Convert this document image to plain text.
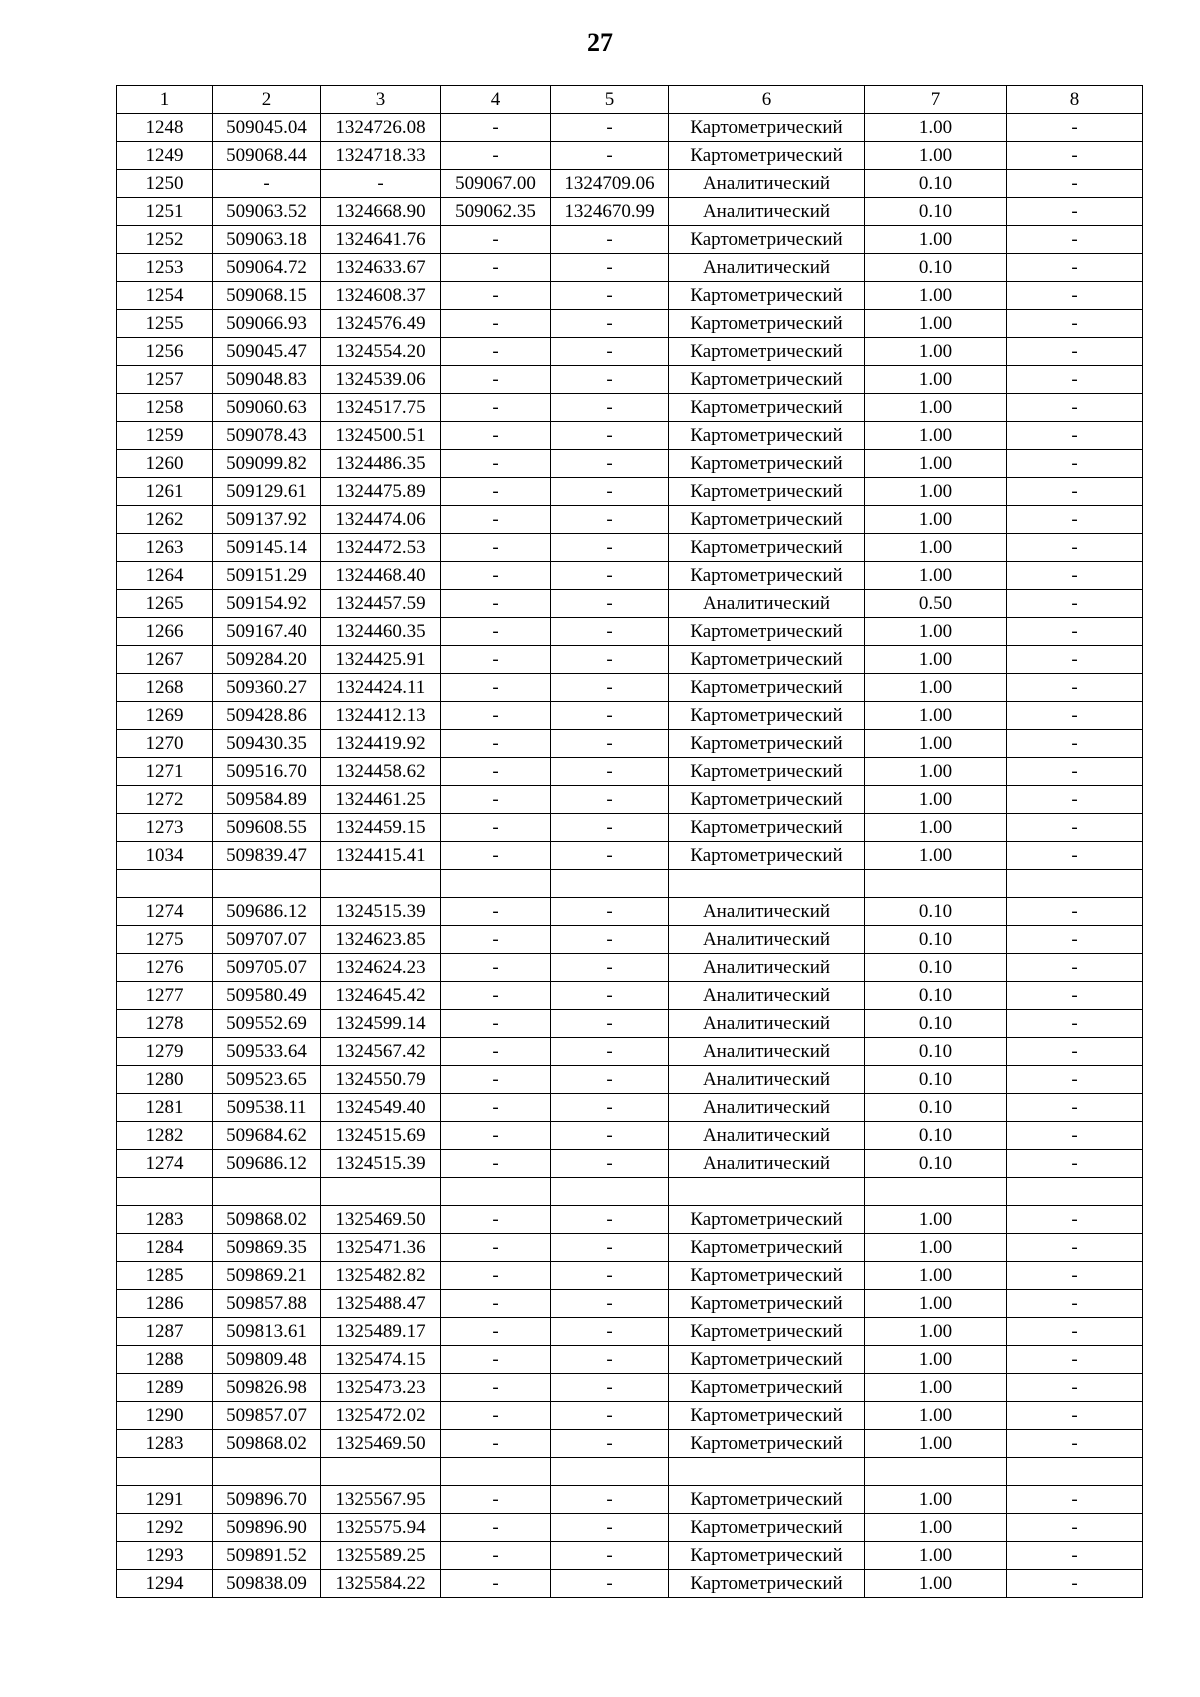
27
1	2	3	4	5	6	7	8
1248	509045.04	1324726.08	-	-	Картометрический	1.00	-
1249	509068.44	1324718.33	-	-	Картометрический	1.00	-
1250	-	-	509067.00	1324709.06	Аналитический	0.10	-
1251	509063.52	1324668.90	509062.35	1324670.99	Аналитический	0.10	-
1252	509063.18	1324641.76	-	-	Картометрический	1.00	-
1253	509064.72	1324633.67	-	-	Аналитический	0.10	-
1254	509068.15	1324608.37	-	-	Картометрический	1.00	-
1255	509066.93	1324576.49	-	-	Картометрический	1.00	-
1256	509045.47	1324554.20	-	-	Картометрический	1.00	-
1257	509048.83	1324539.06	-	-	Картометрический	1.00	-
1258	509060.63	1324517.75	-	-	Картометрический	1.00	-
1259	509078.43	1324500.51	-	-	Картометрический	1.00	-
1260	509099.82	1324486.35	-	-	Картометрический	1.00	-
1261	509129.61	1324475.89	-	-	Картометрический	1.00	-
1262	509137.92	1324474.06	-	-	Картометрический	1.00	-
1263	509145.14	1324472.53	-	-	Картометрический	1.00	-
1264	509151.29	1324468.40	-	-	Картометрический	1.00	-
1265	509154.92	1324457.59	-	-	Аналитический	0.50	-
1266	509167.40	1324460.35	-	-	Картометрический	1.00	-
1267	509284.20	1324425.91	-	-	Картометрический	1.00	-
1268	509360.27	1324424.11	-	-	Картометрический	1.00	-
1269	509428.86	1324412.13	-	-	Картометрический	1.00	-
1270	509430.35	1324419.92	-	-	Картометрический	1.00	-
1271	509516.70	1324458.62	-	-	Картометрический	1.00	-
1272	509584.89	1324461.25	-	-	Картометрический	1.00	-
1273	509608.55	1324459.15	-	-	Картометрический	1.00	-
1034	509839.47	1324415.41	-	-	Картометрический	1.00	-

1274	509686.12	1324515.39	-	-	Аналитический	0.10	-
1275	509707.07	1324623.85	-	-	Аналитический	0.10	-
1276	509705.07	1324624.23	-	-	Аналитический	0.10	-
1277	509580.49	1324645.42	-	-	Аналитический	0.10	-
1278	509552.69	1324599.14	-	-	Аналитический	0.10	-
1279	509533.64	1324567.42	-	-	Аналитический	0.10	-
1280	509523.65	1324550.79	-	-	Аналитический	0.10	-
1281	509538.11	1324549.40	-	-	Аналитический	0.10	-
1282	509684.62	1324515.69	-	-	Аналитический	0.10	-
1274	509686.12	1324515.39	-	-	Аналитический	0.10	-

1283	509868.02	1325469.50	-	-	Картометрический	1.00	-
1284	509869.35	1325471.36	-	-	Картометрический	1.00	-
1285	509869.21	1325482.82	-	-	Картометрический	1.00	-
1286	509857.88	1325488.47	-	-	Картометрический	1.00	-
1287	509813.61	1325489.17	-	-	Картометрический	1.00	-
1288	509809.48	1325474.15	-	-	Картометрический	1.00	-
1289	509826.98	1325473.23	-	-	Картометрический	1.00	-
1290	509857.07	1325472.02	-	-	Картометрический	1.00	-
1283	509868.02	1325469.50	-	-	Картометрический	1.00	-

1291	509896.70	1325567.95	-	-	Картометрический	1.00	-
1292	509896.90	1325575.94	-	-	Картометрический	1.00	-
1293	509891.52	1325589.25	-	-	Картометрический	1.00	-
1294	509838.09	1325584.22	-	-	Картометрический	1.00	-
